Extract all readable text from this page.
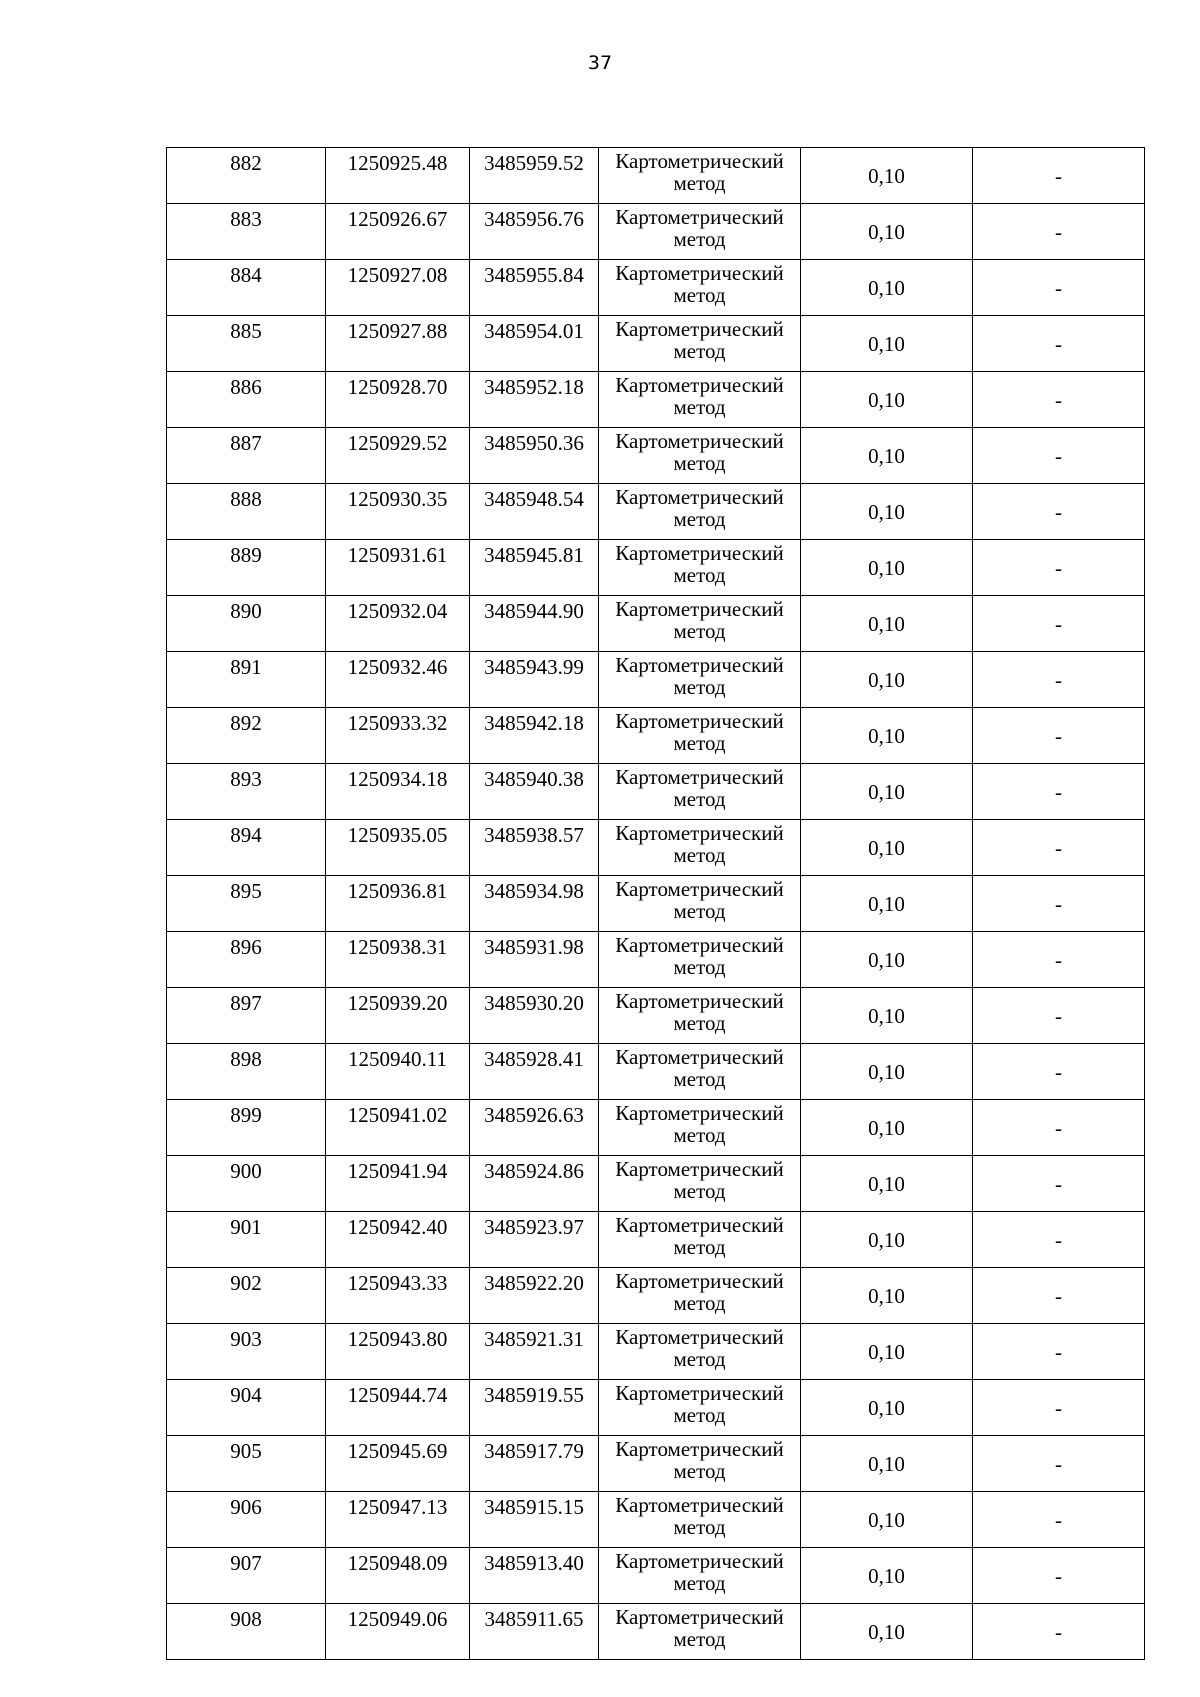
37
882	1250925.48	3485959.52	Картометрический
метод	0,10	-
883	1250926.67	3485956.76	Картометрический
метод	0,10	-
884	1250927.08	3485955.84	Картометрический
метод	0,10	-
885	1250927.88	3485954.01	Картометрический
метод	0,10	-
886	1250928.70	3485952.18	Картометрический
метод	0,10	-
887	1250929.52	3485950.36	Картометрический
метод	0,10	-
888	1250930.35	3485948.54	Картометрический
метод	0,10	-
889	1250931.61	3485945.81	Картометрический
метод	0,10	-
890	1250932.04	3485944.90	Картометрический
метод	0,10	-
891	1250932.46	3485943.99	Картометрический
метод	0,10	-
892	1250933.32	3485942.18	Картометрический
метод	0,10	-
893	1250934.18	3485940.38	Картометрический
метод	0,10	-
894	1250935.05	3485938.57	Картометрический
метод	0,10	-
895	1250936.81	3485934.98	Картометрический
метод	0,10	-
896	1250938.31	3485931.98	Картометрический
метод	0,10	-
897	1250939.20	3485930.20	Картометрический
метод	0,10	-
898	1250940.11	3485928.41	Картометрический
метод	0,10	-
899	1250941.02	3485926.63	Картометрический
метод	0,10	-
900	1250941.94	3485924.86	Картометрический
метод	0,10	-
901	1250942.40	3485923.97	Картометрический
метод	0,10	-
902	1250943.33	3485922.20	Картометрический
метод	0,10	-
903	1250943.80	3485921.31	Картометрический
метод	0,10	-
904	1250944.74	3485919.55	Картометрический
метод	0,10	-
905	1250945.69	3485917.79	Картометрический
метод	0,10	-
906	1250947.13	3485915.15	Картометрический
метод	0,10	-
907	1250948.09	3485913.40	Картометрический
метод	0,10	-
908	1250949.06	3485911.65	Картометрический
метод	0,10	-
